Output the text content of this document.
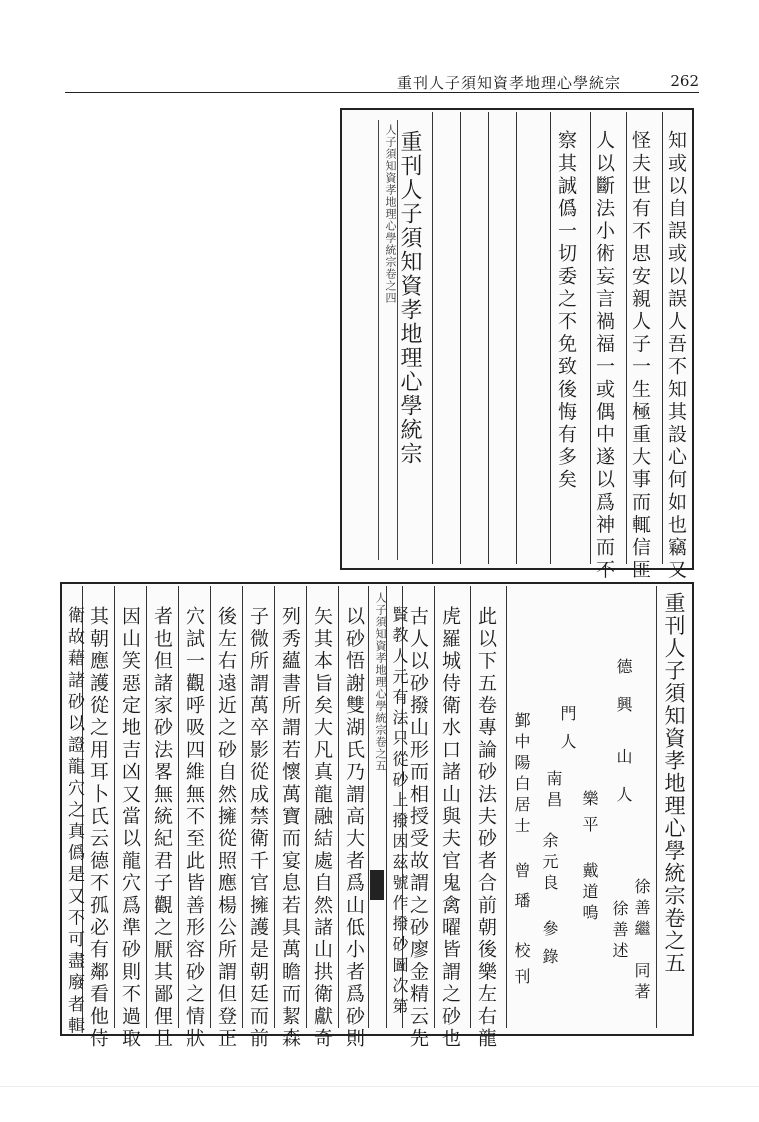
重刊人子須知資孝地理心學統宗	262
人子須知資孝地理心學統宗卷之四 重刊人子須知資孝地理心學統宗	知或以自誤或以誤人吾不知其設心何如也竊又
怪夫世有不思安親人子一生極重大事而輒信匪
人以斷法小術妄言禍福一或偶中遂以爲神而不
察其誠僞一切委之不免致後悔有多矣
重刊人子須知資孝地理心學統宗卷之五
徐善繼　同著
徐善述
德興
山人
樂平
戴道鳴
門人
南昌
余元良
參錄
鄞中陽白居士
曾璠
校刊
人子須知資孝地理心學統宗卷之五	此以下五卷專論砂法夫砂者合前朝後樂左右龍
虎羅城侍衛水口諸山與夫官鬼禽曜皆謂之砂也
古人以砂撥山形而相授受故謂之砂廖金精云先
賢教人元有法只從砂上撥因茲號作撥砂圖次第
以砂悟謝雙湖氏乃謂高大者爲山低小者爲砂則
矢其本旨矣大凡真龍融結處自然諸山拱衛獻奇
列秀蘊書所謂若懷萬寶而宴息若具萬瞻而絜森
子微所謂萬卒影從成禁衛千官擁護是朝廷而前
後左右遠近之砂自然擁從照應楊公所謂但登正
穴試一觀呼吸四維無不至此皆善形容砂之情狀
者也但諸家砂法畧無統紀君子觀之厭其鄙俚且
因山笑惡定地吉凶又當以龍穴爲準砂則不過取
其朝應護從之用耳卜氏云德不孤必有鄰看他侍
衛故藉諸砂以證龍穴之真僞是又不可盡廢者輯
